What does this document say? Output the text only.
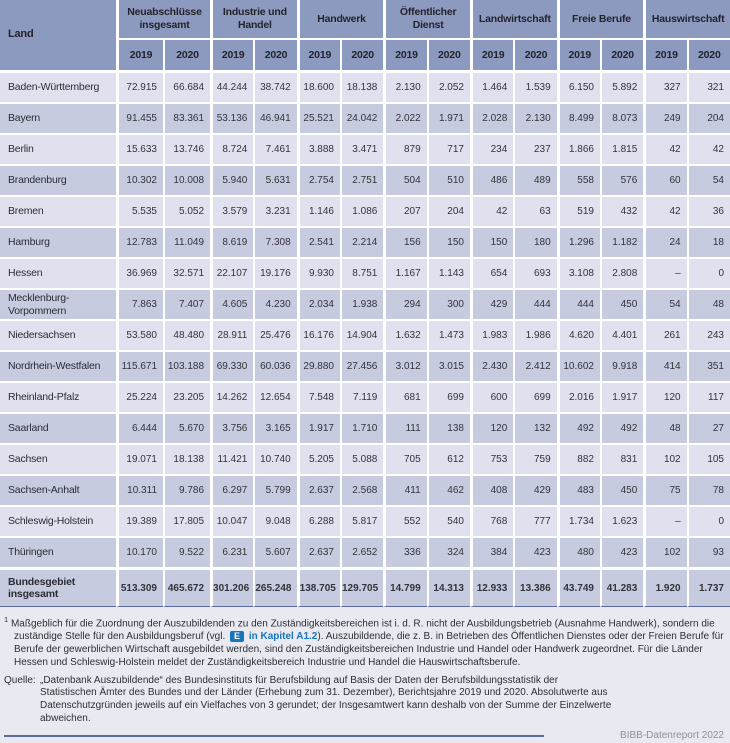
Land	Neuabschlüsse insgesamt		Industrie und Handel		Handwerk		Öffentlicher Dienst		Landwirtschaft		Freie Berufe		Hauswirtschaft	
	2019	2020	2019	2020	2019	2020	2019	2020	2019	2020	2019	2020	2019	2020
Baden-Württemberg	72.915	66.684	44.244	38.742	18.600	18.138	2.130	2.052	1.464	1.539	6.150	5.892	327	321
Bayern	91.455	83.361	53.136	46.941	25.521	24.042	2.022	1.971	2.028	2.130	8.499	8.073	249	204
Berlin	15.633	13.746	8.724	7.461	3.888	3.471	879	717	234	237	1.866	1.815	42	42
Brandenburg	10.302	10.008	5.940	5.631	2.754	2.751	504	510	486	489	558	576	60	54
Bremen	5.535	5.052	3.579	3.231	1.146	1.086	207	204	42	63	519	432	42	36
Hamburg	12.783	11.049	8.619	7.308	2.541	2.214	156	150	150	180	1.296	1.182	24	18
Hessen	36.969	32.571	22.107	19.176	9.930	8.751	1.167	1.143	654	693	3.108	2.808	–	0
Mecklenburg-Vorpommern	7.863	7.407	4.605	4.230	2.034	1.938	294	300	429	444	444	450	54	48
Niedersachsen	53.580	48.480	28.911	25.476	16.176	14.904	1.632	1.473	1.983	1.986	4.620	4.401	261	243
Nordrhein-Westfalen	115.671	103.188	69.330	60.036	29.880	27.456	3.012	3.015	2.430	2.412	10.602	9.918	414	351
Rheinland-Pfalz	25.224	23.205	14.262	12.654	7.548	7.119	681	699	600	699	2.016	1.917	120	117
Saarland	6.444	5.670	3.756	3.165	1.917	1.710	111	138	120	132	492	492	48	27
Sachsen	19.071	18.138	11.421	10.740	5.205	5.088	705	612	753	759	882	831	102	105
Sachsen-Anhalt	10.311	9.786	6.297	5.799	2.637	2.568	411	462	408	429	483	450	75	78
Schleswig-Holstein	19.389	17.805	10.047	9.048	6.288	5.817	552	540	768	777	1.734	1.623	–	0
Thüringen	10.170	9.522	6.231	5.607	2.637	2.652	336	324	384	423	480	423	102	93
Bundesgebiet insgesamt	513.309	465.672	301.206	265.248	138.705	129.705	14.799	14.313	12.933	13.386	43.749	41.283	1.920	1.737
$^1$ Maßgeblich für die Zuordnung der Auszubildenden zu den Zuständigkeitsbereichen ist i. d. R. nicht der Ausbildungsbetrieb (Ausnahme Handwerk), sondern die zuständige Stelle für den Ausbildungsberuf (vgl. E in Kapitel A1.2). Auszubildende, die z. B. in Betrieben des Öffentlichen Dienstes oder der Freien Berufe für Berufe der gewerblichen Wirtschaft ausgebildet werden, sind den Zuständigkeitsbereichen Industrie und Handel oder Handwerk zugeordnet. Für die Länder Hessen und Schleswig-Holstein meldet der Zuständigkeitsbereich Industrie und Handel die Hauswirtschaftsberufe.
Quelle: „Datenbank Auszubildende“ des Bundesinstituts für Berufsbildung auf Basis der Daten der Berufsbildungsstatistik der Statistischen Ämter des Bundes und der Länder (Erhebung zum 31. Dezember), Berichtsjahre 2019 und 2020. Absolutwerte aus Datenschutzgründen jeweils auf ein Vielfaches von 3 gerundet; der Insgesamtwert kann deshalb von der Summe der Einzelwerte abweichen.
BIBB-Datenreport 2022
